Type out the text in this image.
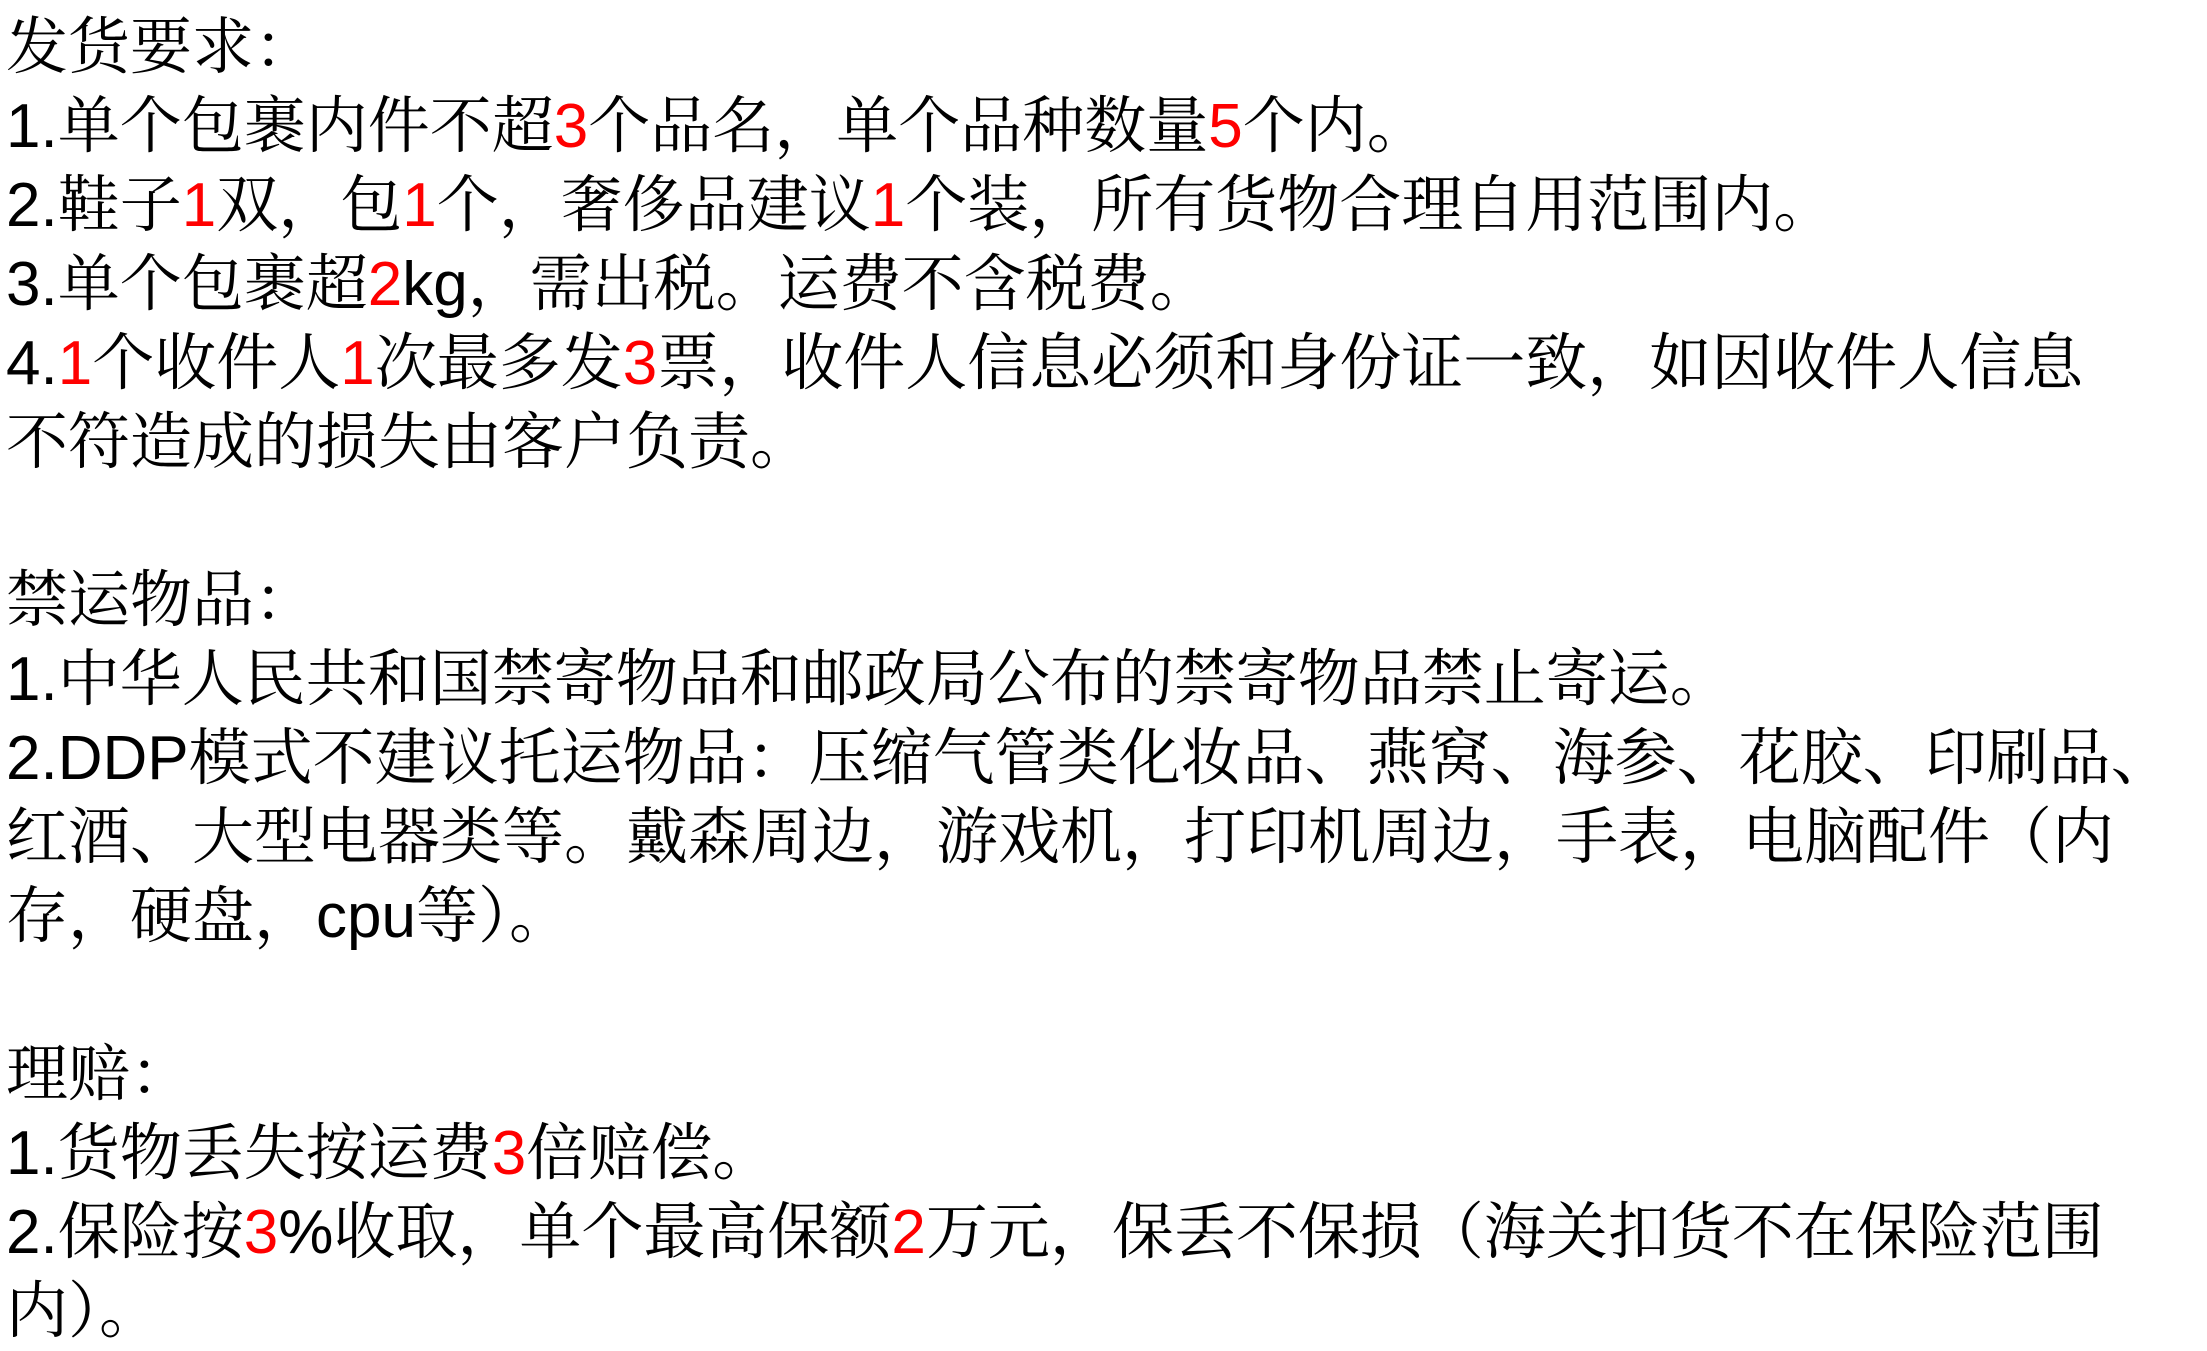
发货要求：
1.单个包裹内件不超3个品名，单个品种数量5个内。
2.鞋子1双，包1个，奢侈品建议1个装，所有货物合理自用范围内。
3.单个包裹超2kg，需出税。运费不含税费。
4.1个收件人1次最多发3票，收件人信息必须和身份证一致，如因收件人信息
不符造成的损失由客户负责。
禁运物品：
1.中华人民共和国禁寄物品和邮政局公布的禁寄物品禁止寄运。
2.DDP模式不建议托运物品：压缩气管类化妆品、燕窝、海参、花胶、印刷品、
红酒、大型电器类等。戴森周边，游戏机，打印机周边，手表，电脑配件（内
存，硬盘，cpu等）。
理赔：
1.货物丢失按运费3倍赔偿。
2.保险按3%收取，单个最高保额2万元，保丢不保损（海关扣货不在保险范围
内）。
